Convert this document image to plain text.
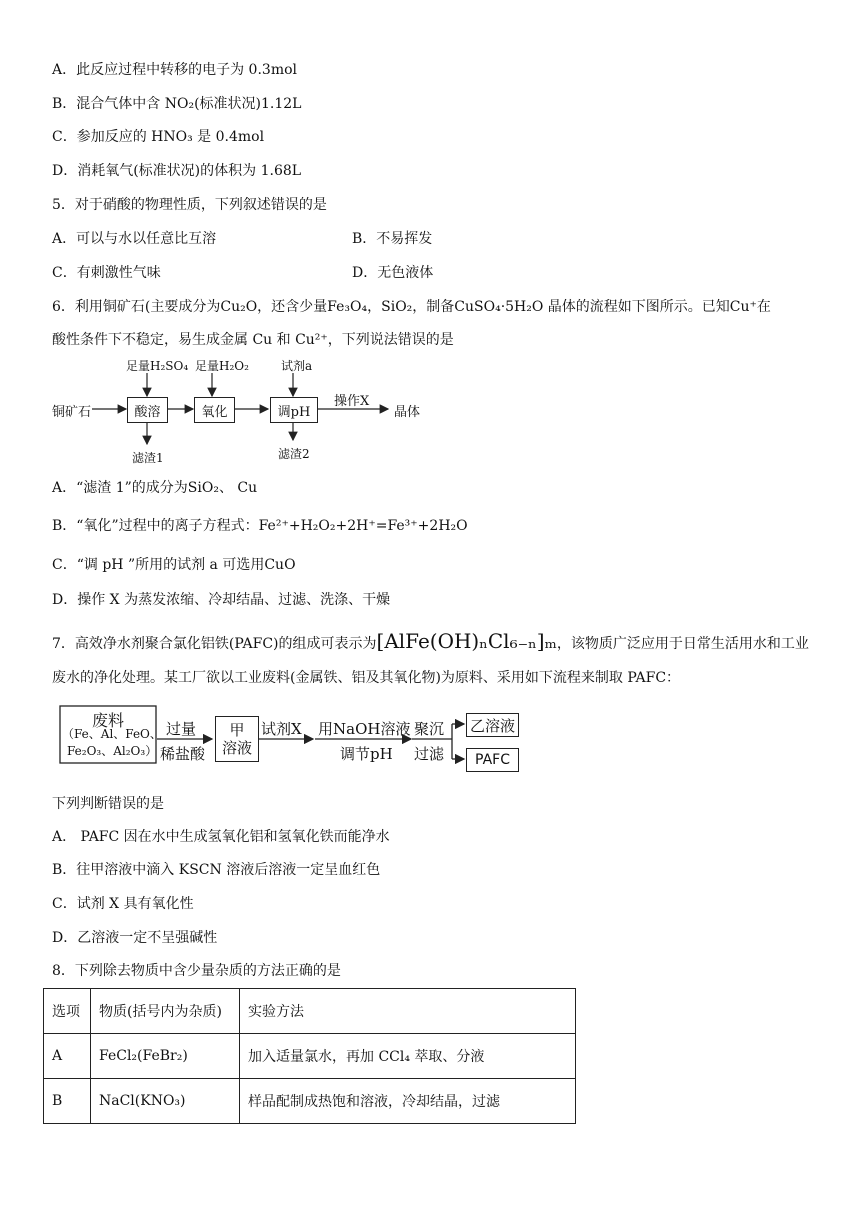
A．此反应过程中转移的电子为 0.3mol
B．混合气体中含 NO₂(标准状况)1.12L
C．参加反应的 HNO₃ 是 0.4mol
D．消耗氧气(标准状况)的体积为 1.68L
5．对于硝酸的物理性质，下列叙述错误的是
A．可以与水以任意比互溶	B．不易挥发
C．有刺激性气味	D．无色液体
6．利用铜矿石(主要成分为Cu₂O，还含少量Fe₃O₄，SiO₂，制备CuSO₄·5H₂O 晶体的流程如下图所示。已知Cu⁺在
酸性条件下不稳定，易生成金属 Cu 和 Cu²⁺，下列说法错误的是
铜矿石
足量H₂SO₄ 足量H₂O₂	试剂a
酸溶	氧化	调pH
操作X
晶体
滤渣1	滤渣2
A．“滤渣 1”的成分为SiO₂、 Cu
B．“氧化”过程中的离子方程式：Fe²⁺+H₂O₂+2H⁺=Fe³⁺+2H₂O
C．“调 pH ”所用的试剂 a 可选用CuO
D．操作 X 为蒸发浓缩、冷却结晶、过滤、洗涤、干燥
7．高效净水剂聚合氯化铝铁(PAFC)的组成可表示为[AlFe(OH)ₙCl₆₋ₙ]ₘ，该物质广泛应用于日常生活用水和工业
废水的净化处理。某工厂欲以工业废料(金属铁、铝及其氧化物)为原料、采用如下流程来制取 PAFC：
废料
（Fe、Al、FeO、
Fe₂O₃、Al₂O₃）
过量
稀盐酸
甲
溶液
试剂X 用NaOH溶液
调节pH
聚沉
过滤
乙溶液
PAFC
下列判断错误的是
A． PAFC 因在水中生成氢氧化铝和氢氧化铁而能净水
B．往甲溶液中滴入 KSCN 溶液后溶液一定呈血红色
C．试剂 X 具有氧化性
D．乙溶液一定不呈强碱性
8．下列除去物质中含少量杂质的方法正确的是
选项	物质(括号内为杂质)	实验方法
A	FeCl₂(FeBr₂)	加入适量氯水，再加 CCl₄ 萃取、分液
B	NaCl(KNO₃)	样品配制成热饱和溶液，冷却结晶，过滤
